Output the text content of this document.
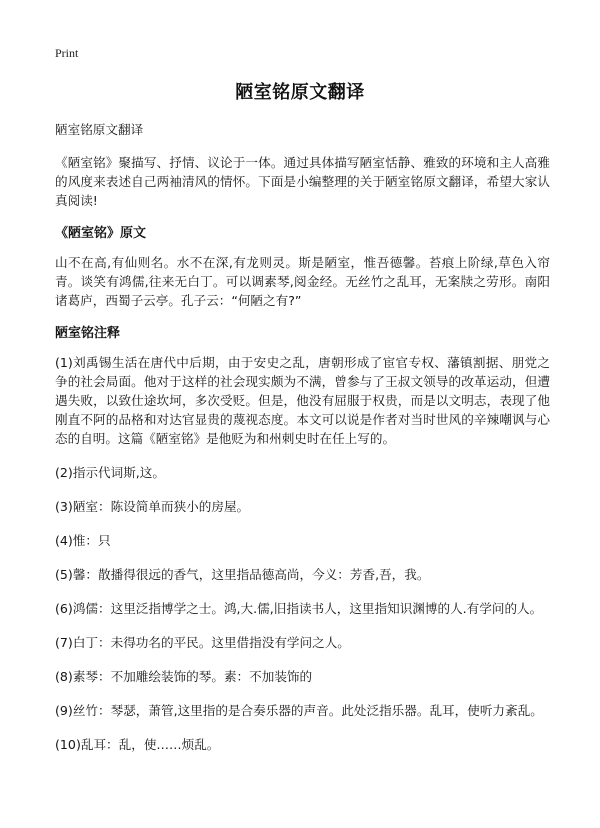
Print
陋室铭原文翻译

陋室铭原文翻译

《陋室铭》聚描写、抒情、议论于一体。通过具体描写陋室恬静、雅致的环境和主人高雅的风度来表述自己两袖清风的情怀。下面是小编整理的关于陋室铭原文翻译，希望大家认真阅读!

《陋室铭》原文

山不在高,有仙则名。水不在深,有龙则灵。斯是陋室，惟吾德馨。苔痕上阶绿,草色入帘青。谈笑有鸿儒,往来无白丁。可以调素琴,阅金经。无丝竹之乱耳，无案牍之劳形。南阳诸葛庐，西蜀子云亭。孔子云：“何陋之有?”

陋室铭注释

(1)刘禹锡生活在唐代中后期，由于安史之乱，唐朝形成了宦官专权、藩镇割据、朋党之争的社会局面。他对于这样的社会现实颇为不满，曾参与了王叔文领导的改革运动，但遭遇失败，以致仕途坎坷，多次受贬。但是，他没有屈服于权贵，而是以文明志，表现了他刚直不阿的品格和对达官显贵的蔑视态度。本文可以说是作者对当时世风的辛辣嘲讽与心态的自明。这篇《陋室铭》是他贬为和州刺史时在任上写的。

(2)指示代词斯,这。

(3)陋室：陈设简单而狭小的房屋。

(4)惟：只

(5)馨：散播得很远的香气，这里指品德高尚，今义：芳香,吾，我。

(6)鸿儒：这里泛指博学之士。鸿,大.儒,旧指读书人，这里指知识渊博的人.有学问的人。

(7)白丁：未得功名的平民。这里借指没有学问之人。

(8)素琴：不加雕绘装饰的琴。素：不加装饰的

(9)丝竹：琴瑟，萧管,这里指的是合奏乐器的声音。此处泛指乐器。乱耳，使听力紊乱。

(10)乱耳：乱，使……烦乱。
